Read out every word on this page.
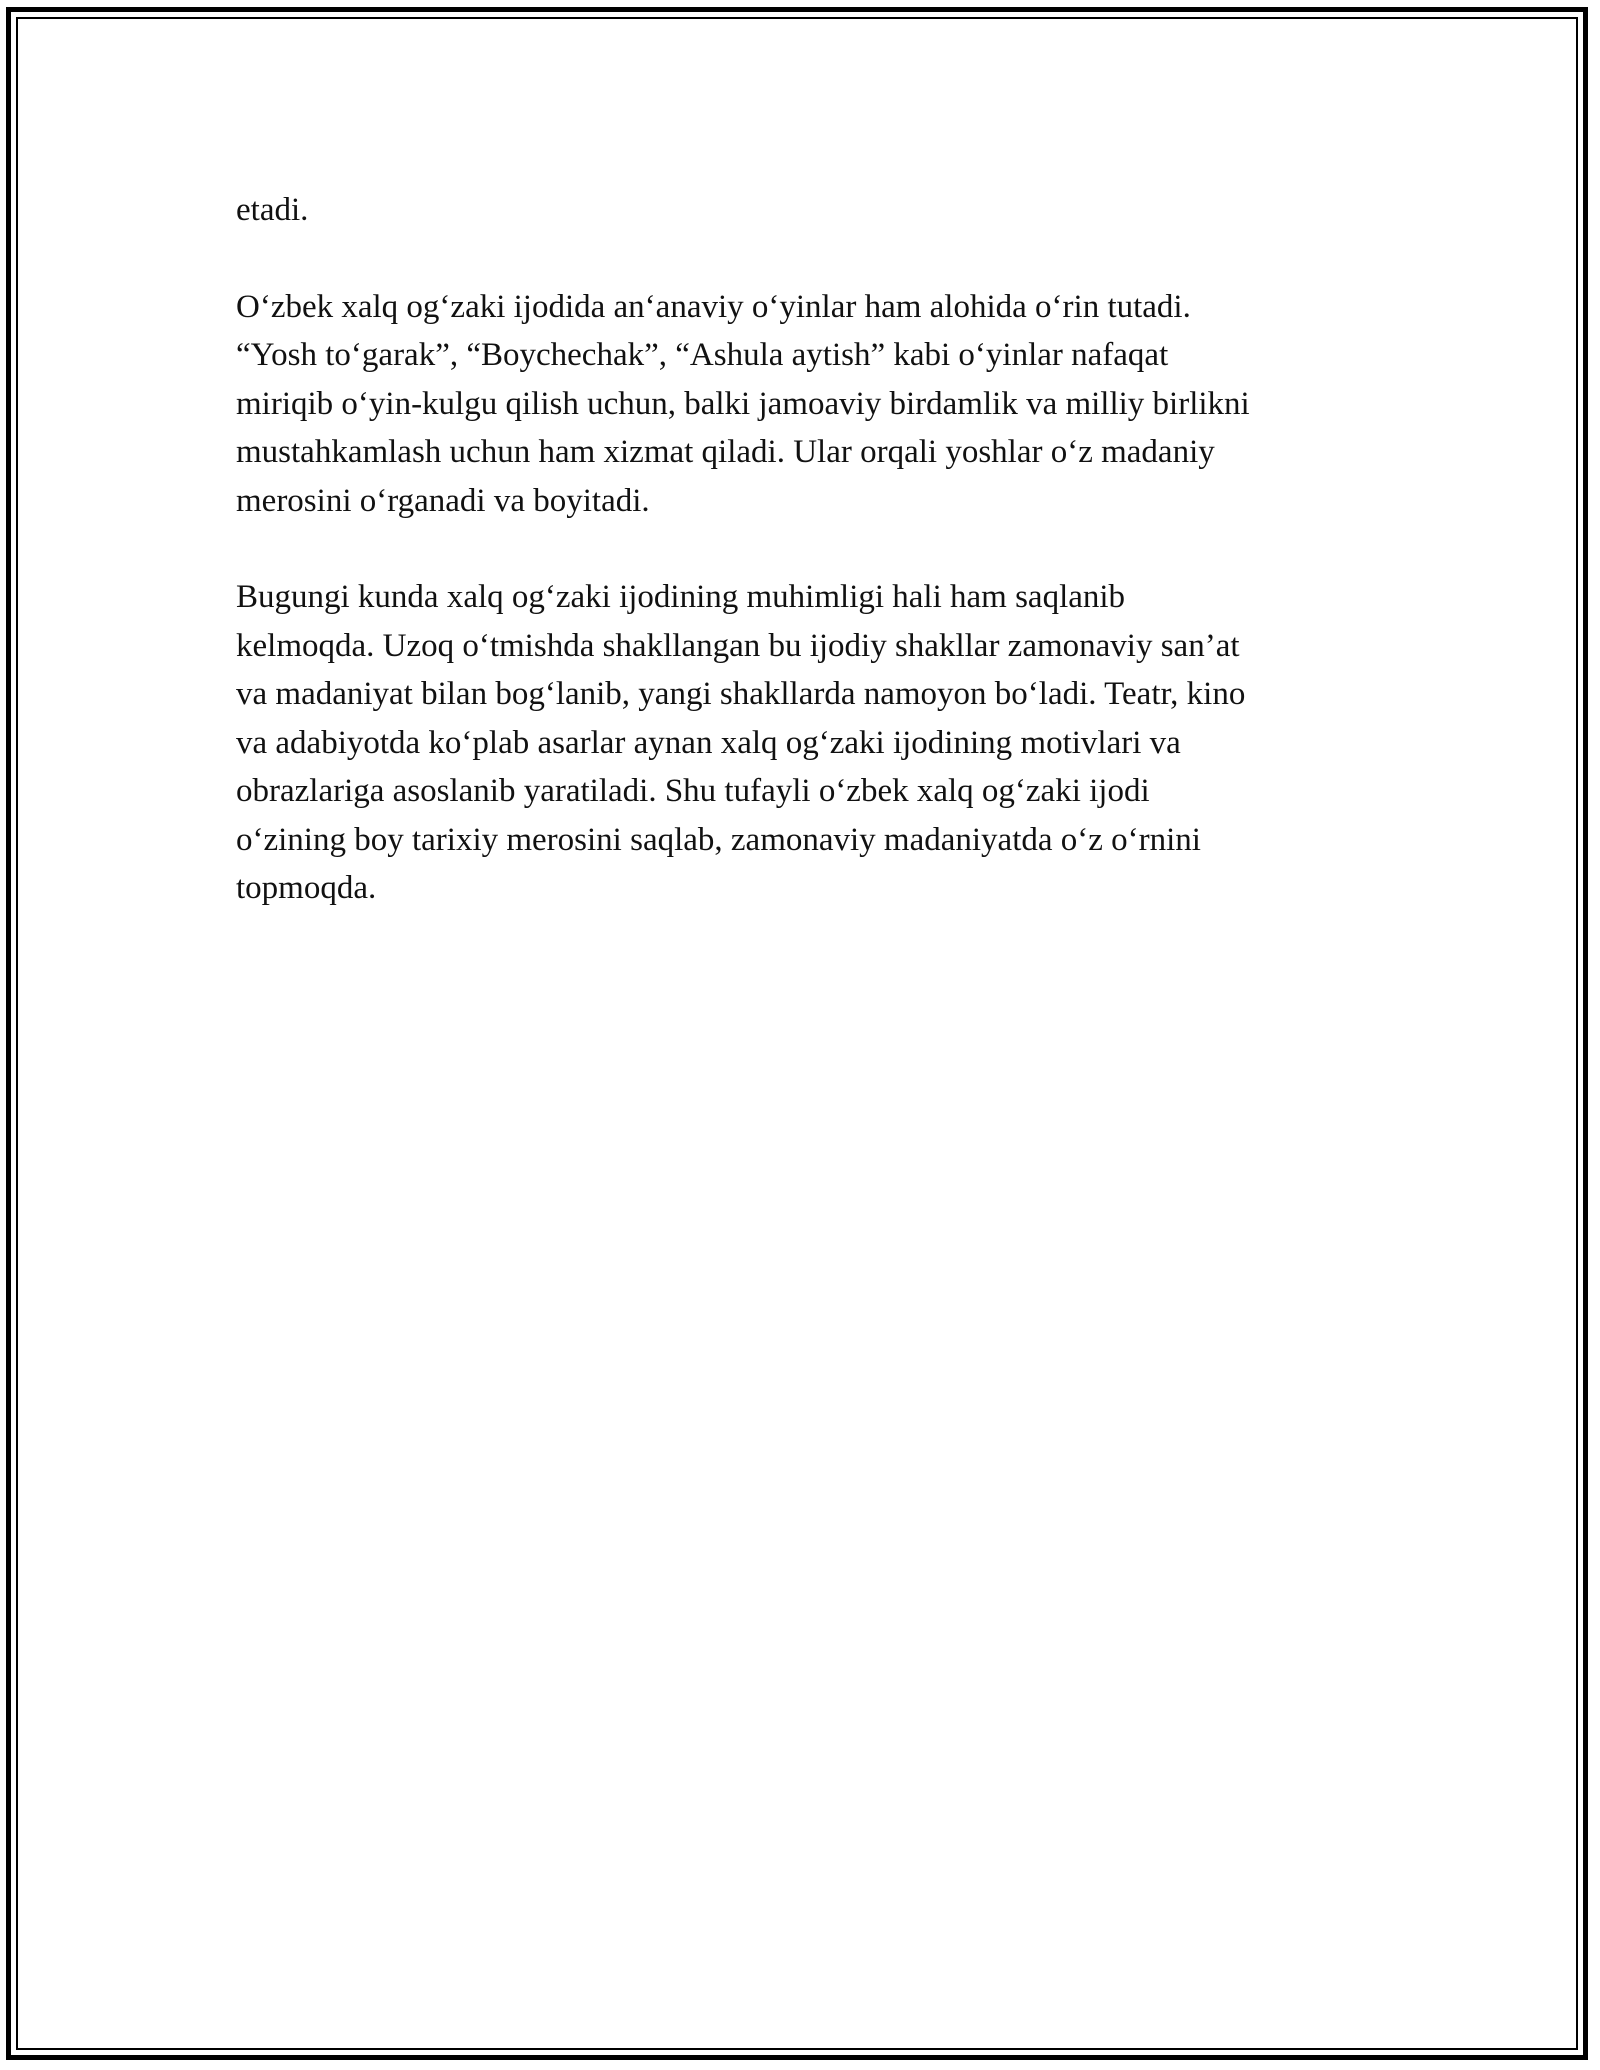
etadi.

O‘zbek xalq og‘zaki ijodida an‘anaviy o‘yinlar ham alohida o‘rin tutadi.
“Yosh to‘garak”, “Boychechak”, “Ashula aytish” kabi o‘yinlar nafaqat
miriqib o‘yin-kulgu qilish uchun, balki jamoaviy birdamlik va milliy birlikni
mustahkamlash uchun ham xizmat qiladi. Ular orqali yoshlar o‘z madaniy
merosini o‘rganadi va boyitadi.

Bugungi kunda xalq og‘zaki ijodining muhimligi hali ham saqlanib
kelmoqda. Uzoq o‘tmishda shakllangan bu ijodiy shakllar zamonaviy san’at
va madaniyat bilan bog‘lanib, yangi shakllarda namoyon bo‘ladi. Teatr, kino
va adabiyotda ko‘plab asarlar aynan xalq og‘zaki ijodining motivlari va
obrazlariga asoslanib yaratiladi. Shu tufayli o‘zbek xalq og‘zaki ijodi
o‘zining boy tarixiy merosini saqlab, zamonaviy madaniyatda o‘z o‘rnini
topmoqda.
